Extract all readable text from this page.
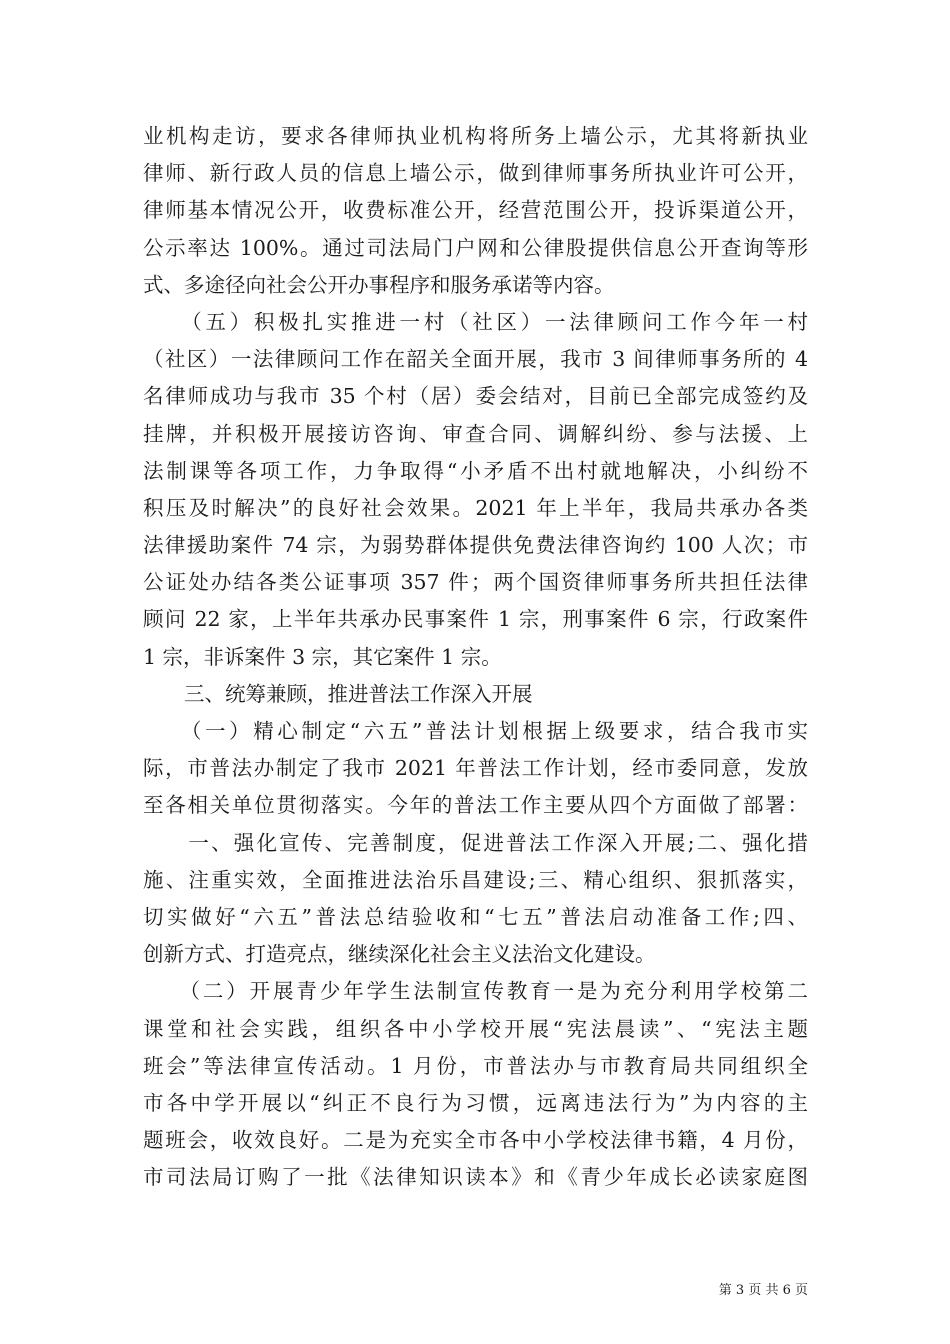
业机构走访，要求各律师执业机构将所务上墙公示，尤其将新执业
律师、新行政人员的信息上墙公示，做到律师事务所执业许可公开，
律师基本情况公开，收费标准公开，经营范围公开，投诉渠道公开，
公示率达 100%。通过司法局门户网和公律股提供信息公开查询等形
式、多途径向社会公开办事程序和服务承诺等内容。
　　（五）积极扎实推进一村（社区）一法律顾问工作今年一村
（社区）一法律顾问工作在韶关全面开展，我市 3 间律师事务所的 4
名律师成功与我市 35 个村（居）委会结对，目前已全部完成签约及
挂牌，并积极开展接访咨询、审查合同、调解纠纷、参与法援、上
法制课等各项工作，力争取得“小矛盾不出村就地解决，小纠纷不
积压及时解决”的良好社会效果。2021 年上半年，我局共承办各类
法律援助案件 74 宗，为弱势群体提供免费法律咨询约 100 人次；市
公证处办结各类公证事项 357 件；两个国资律师事务所共担任法律
顾问 22 家，上半年共承办民事案件 1 宗，刑事案件 6 宗，行政案件
1 宗，非诉案件 3 宗，其它案件 1 宗。
　　三、统筹兼顾，推进普法工作深入开展
　　（一）精心制定“六五”普法计划根据上级要求，结合我市实
际，市普法办制定了我市 2021 年普法工作计划，经市委同意，发放
至各相关单位贯彻落实。今年的普法工作主要从四个方面做了部署：
　　一、强化宣传、完善制度，促进普法工作深入开展;二、强化措
施、注重实效，全面推进法治乐昌建设;三、精心组织、狠抓落实，
切实做好“六五”普法总结验收和“七五”普法启动准备工作;四、
创新方式、打造亮点，继续深化社会主义法治文化建设。
　　（二）开展青少年学生法制宣传教育一是为充分利用学校第二
课堂和社会实践，组织各中小学校开展“宪法晨读”、“宪法主题
班会”等法律宣传活动。1 月份，市普法办与市教育局共同组织全
市各中学开展以“纠正不良行为习惯，远离违法行为”为内容的主
题班会，收效良好。二是为充实全市各中小学校法律书籍，4 月份，
市司法局订购了一批《法律知识读本》和《青少年成长必读家庭图
第 3 页 共 6 页
